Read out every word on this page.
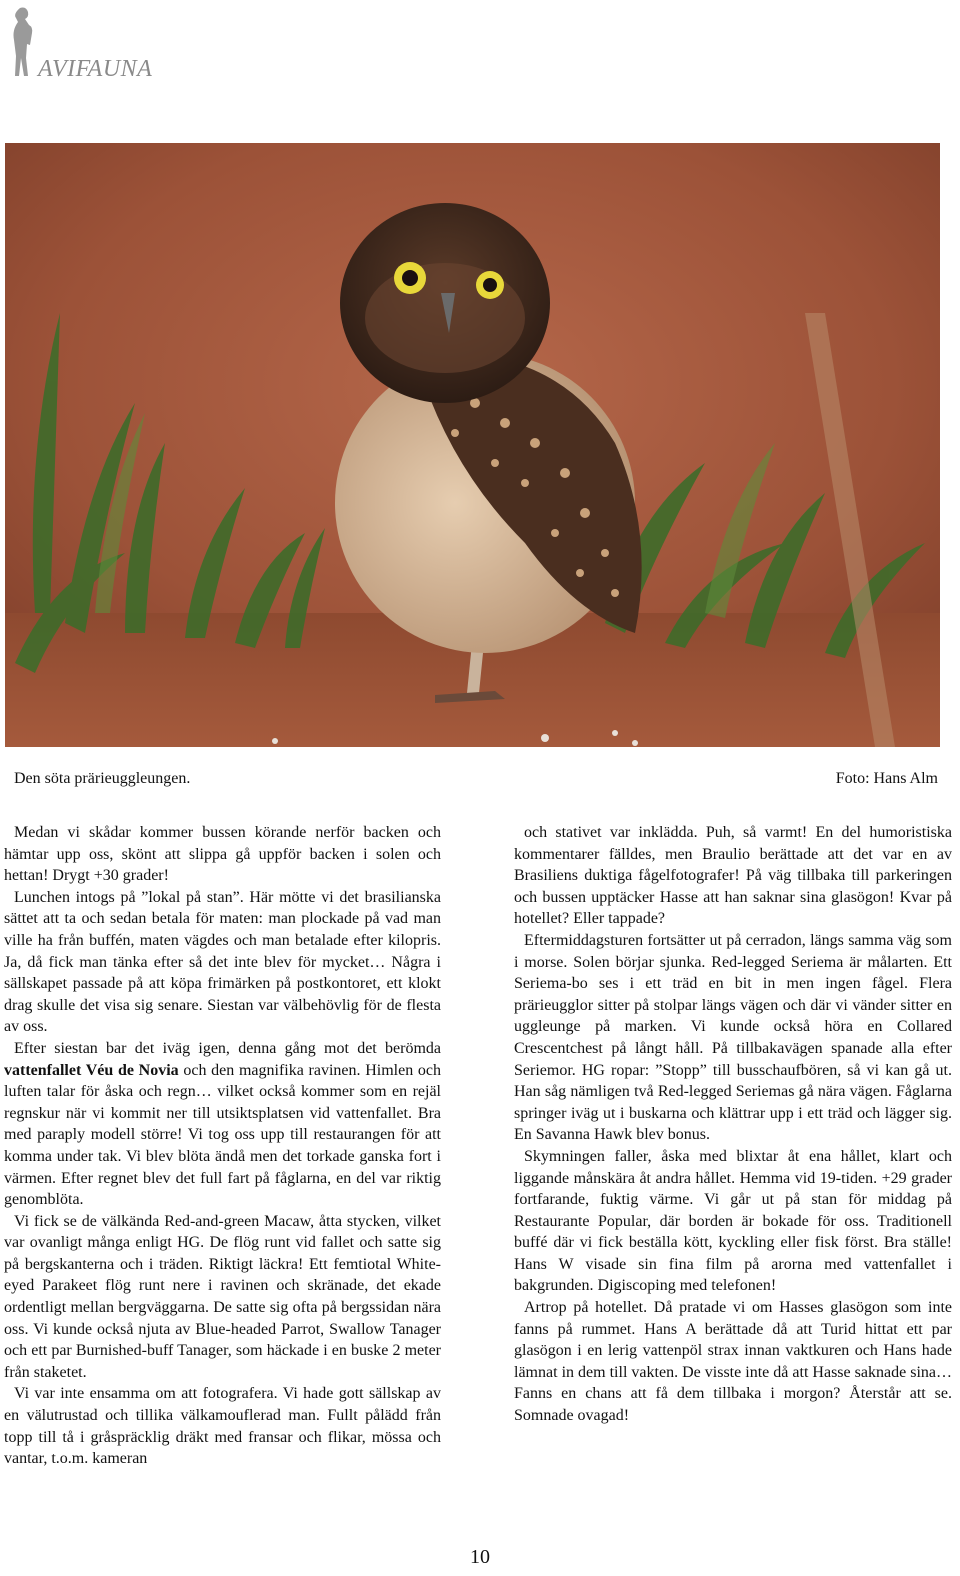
AVIFAUNA
Den söta prärieuggleungen.	Foto: Hans Alm

Medan vi skådar kommer bussen körande nerför backen och hämtar upp oss, skönt att slippa gå uppför backen i solen och hettan! Drygt +30 grader!

Lunchen intogs på ”lokal på stan”. Här mötte vi det brasilianska sättet att ta och sedan betala för maten: man plockade på vad man ville ha från buffén, maten vägdes och man betalade efter kilopris. Ja, då fick man tänka efter så det inte blev för mycket… Några i sällskapet passade på att köpa frimärken på postkontoret, ett klokt drag skulle det visa sig senare. Siestan var välbehövlig för de flesta av oss.

Efter siestan bar det iväg igen, denna gång mot det berömda vattenfallet Véu de Novia och den magnifika ravinen. Himlen och luften talar för åska och regn… vilket också kommer som en rejäl regnskur när vi kommit ner till utsiktsplatsen vid vattenfallet. Bra med paraply modell större! Vi tog oss upp till restaurangen för att komma under tak. Vi blev blöta ändå men det torkade ganska fort i värmen. Efter regnet blev det full fart på fåglarna, en del var riktig genomblöta.

Vi fick se de välkända Red-and-green Macaw, åtta stycken, vilket var ovanligt många enligt HG. De flög runt vid fallet och satte sig på bergskanterna och i träden. Riktigt läckra! Ett femtiotal White-eyed Parakeet flög runt nere i ravinen och skränade, det ekade ordentligt mellan bergväggarna. De satte sig ofta på bergssidan nära oss. Vi kunde också njuta av Blue-headed Parrot, Swallow Tanager och ett par Burnished-buff Tanager, som häckade i en buske 2 meter från staketet.

Vi var inte ensamma om att fotografera. Vi hade gott sällskap av en välutrustad och tillika välkamouflerad man. Fullt pålädd från topp till tå i gråspräcklig dräkt med fransar och flikar, mössa och vantar, t.o.m. kameran

och stativet var inklädda. Puh, så varmt! En del humoristiska kommentarer fälldes, men Braulio berättade att det var en av Brasiliens duktiga fågelfotografer! På väg tillbaka till parkeringen och bussen upptäcker Hasse att han saknar sina glasögon! Kvar på hotellet? Eller tappade?

Eftermiddagsturen fortsätter ut på cerradon, längs samma väg som i morse. Solen börjar sjunka. Red-legged Seriema är målarten. Ett Seriema-bo ses i ett träd en bit in men ingen fågel. Flera prärieugglor sitter på stolpar längs vägen och där vi vänder sitter en uggleunge på marken. Vi kunde också höra en Collared Crescentchest på långt håll. På tillbakavägen spanade alla efter Seriemor. HG ropar: ”Stopp” till busschaufbören, så vi kan gå ut. Han såg nämligen två Red-legged Seriemas gå nära vägen. Fåglarna springer iväg ut i buskarna och klättrar upp i ett träd och lägger sig. En Savanna Hawk blev bonus.

Skymningen faller, åska med blixtar åt ena hållet, klart och liggande månskära åt andra hållet. Hemma vid 19-tiden. +29 grader fortfarande, fuktig värme. Vi går ut på stan för middag på Restaurante Popular, där borden är bokade för oss. Traditionell buffé där vi fick beställa kött, kyckling eller fisk först. Bra ställe! Hans W visade sin fina film på arorna med vattenfallet i bakgrunden. Digiscoping med telefonen!

Artrop på hotellet. Då pratade vi om Hasses glasögon som inte fanns på rummet. Hans A berättade då att Turid hittat ett par glasögon i en lerig vattenpöl strax innan vaktkuren och Hans hade lämnat in dem till vakten. De visste inte då att Hasse saknade sina… Fanns en chans att få dem tillbaka i morgon? Återstår att se. Somnade ovagad!

10
